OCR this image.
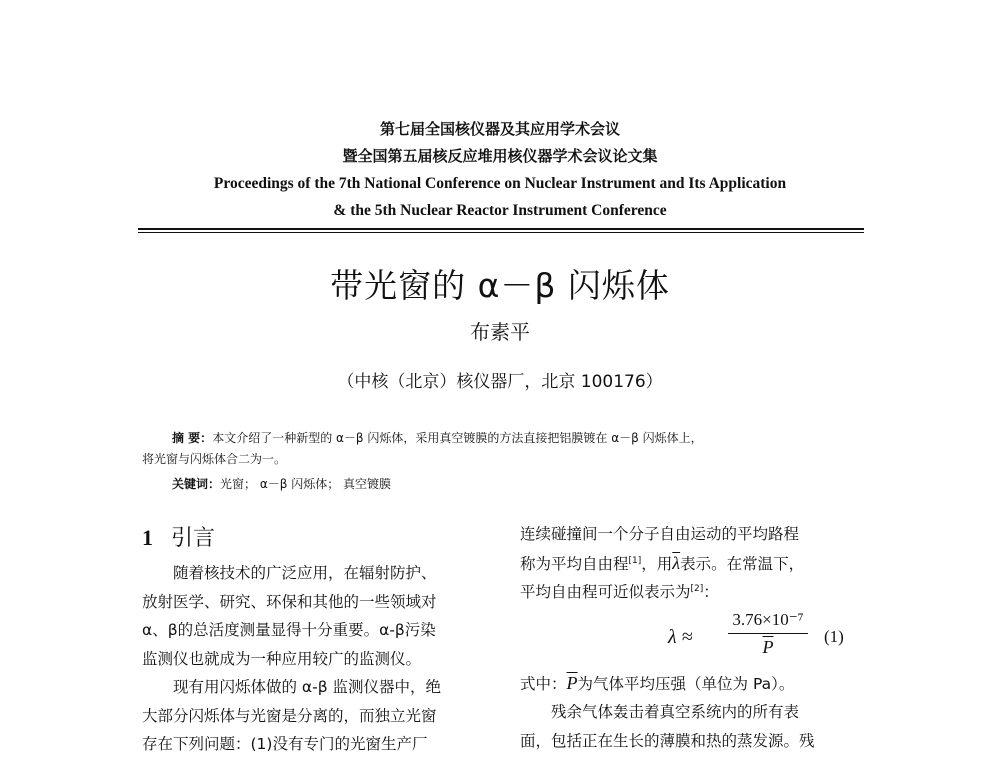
第七届全国核仪器及其应用学术会议
暨全国第五届核反应堆用核仪器学术会议论文集
Proceedings of the 7th National Conference on Nuclear Instrument and Its Application
& the 5th Nuclear Reactor Instrument Conference
带光窗的 α－β 闪烁体
布素平
（中核（北京）核仪器厂，北京 100176）
摘 要：本文介绍了一种新型的 α－β 闪烁体，采用真空镀膜的方法直接把铝膜镀在 α－β 闪烁体上，
将光窗与闪烁体合二为一。
关键词：光窗； α－β 闪烁体； 真空镀膜
1 引言
随着核技术的广泛应用，在辐射防护、
放射医学、研究、环保和其他的一些领域对
α、β的总活度测量显得十分重要。α-β污染
监测仪也就成为一种应用较广的监测仪。
现有用闪烁体做的 α-β 监测仪器中，绝
大部分闪烁体与光窗是分离的，而独立光窗
存在下列问题：(1)没有专门的光窗生产厂
连续碰撞间一个分子自由运动的平均路程
称为平均自由程[1]，用$\overline{\lambda}$表示。在常温下，
平均自由程可近似表示为[2]：
λ ≈
3.76×10⁻⁷
$\overline{P}$
(1)
式中：$\overline{P}$为气体平均压强（单位为 Pa）。
残余气体轰击着真空系统内的所有表
面，包括正在生长的薄膜和热的蒸发源。残
